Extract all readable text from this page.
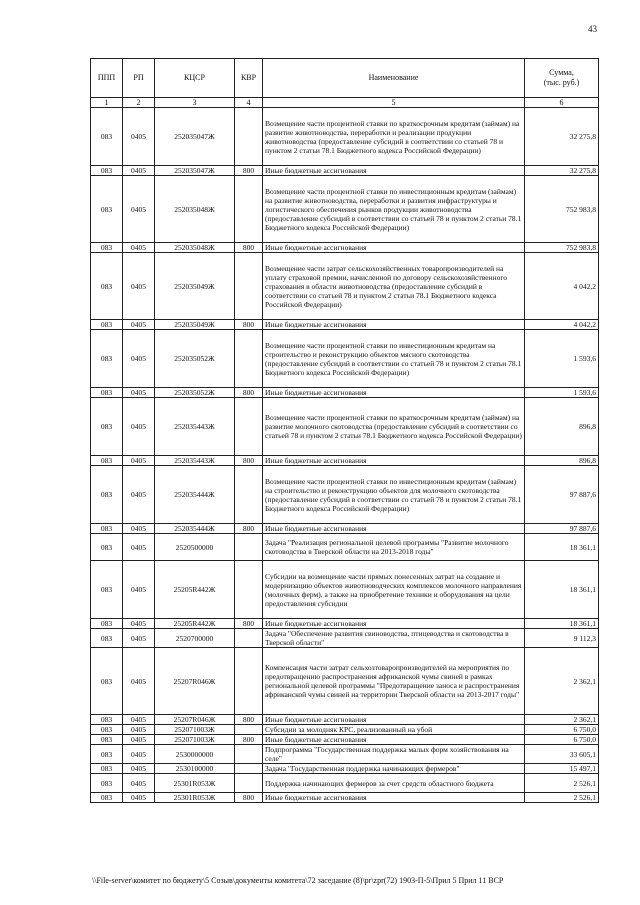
43
ППП	РП	КЦСР	КВР	Наименование	Сумма,
(тыс. руб.)
1	2	3	4	5	6
083	0405	252035047Ж		Возмещение части процентной ставки по краткосрочным кредитам (займам) на развитие животноводства, переработки и реализации продукции животноводства (предоставление субсидий в соответствии со статьей 78 и пунктом 2 статьи 78.1 Бюджетного кодекса Российской Федерации)	32 275,8
083	0405	252035047Ж	800	Иные бюджетные ассигнования	32 275,8
083	0405	252035048Ж		Возмещение части процентной ставки по инвестиционным кредитам (займам) на развитие животноводства, переработки и развития инфраструктуры и логистического обеспечения рынков продукции животноводства (предоставление субсидий в соответствии со статьей 78 и пунктом 2 статьи 78.1 Бюджетного кодекса Российской Федерации)	752 983,8
083	0405	252035048Ж	800	Иные бюджетные ассигнования	752 983,8
083	0405	252035049Ж		Возмещение части затрат сельскохозяйственных товаропроизводителей на уплату страховой премии, начисленной по договору сельскохозяйственного страхования в области животноводства (предоставление субсидий в соответствии со статьей 78 и пунктом 2 статьи 78.1 Бюджетного кодекса Российской Федерации)	4 042,2
083	0405	252035049Ж	800	Иные бюджетные ассигнования	4 042,2
083	0405	252035052Ж		Возмещение части процентной ставки по инвестиционным кредитам на строительство и реконструкцию объектов мясного скотоводства (предоставление субсидий в соответствии со статьей 78 и пунктом 2 статьи 78.1 Бюджетного кодекса Российской Федерации)	1 593,6
083	0405	252035052Ж	800	Иные бюджетные ассигнования	1 593,6
083	0405	252035443Ж		Возмещение части процентной ставки по краткосрочным кредитам (займам) на развитие молочного скотоводства (предоставление субсидий в соответствии со статьей 78 и пунктом 2 статьи 78.1 Бюджетного кодекса Российской Федерации)	896,8
083	0405	252035443Ж	800	Иные бюджетные ассигнования	896,8
083	0405	252035444Ж		Возмещение части процентной ставки по инвестиционным кредитам (займам) на строительство и реконструкцию объектов для молочного скотоводства (предоставление субсидий в соответствии со статьей 78 и пунктом 2 статьи 78.1 Бюджетного кодекса Российской Федерации)	97 887,6
083	0405	252035444Ж	800	Иные бюджетные ассигнования	97 887,6
083	0405	2520500000		Задача "Реализация региональной целевой программы "Развитие молочного скотоводства в Тверской области на 2013-2018 годы"	18 361,1
083	0405	25205R442Ж		Субсидии на возмещение части прямых понесенных затрат на создание и модернизацию объектов животноводческих комплексов молочного направления (молочных ферм), а также на приобретение техники и оборудования на цели предоставления субсидии	18 361,1
083	0405	25205R442Ж	800	Иные бюджетные ассигнования	18 361,1
083	0405	2520700000		Задача "Обеспечение развития свиноводства, птицеводства и скотоводства в Тверской области"	9 112,3
083	0405	25207R046Ж		Компенсация части затрат сельхозтоваропроизводителей на мероприятия по предотвращению распространения африканской чумы свиней в рамках региональной целевой программы "Предотвращение заноса и распространения африканской чумы свиней на территории Тверской области на 2013-2017 годы"	2 362,1
083	0405	25207R046Ж	800	Иные бюджетные ассигнования	2 362,1
083	0405	252071003Ж		Субсидии за молодняк КРС, реализованный на убой	6 750,0
083	0405	252071003Ж	800	Иные бюджетные ассигнования	6 750,0
083	0405	2530000000		Подпрограмма "Государственная поддержка малых форм хозяйствования на селе"	33 605,1
083	0405	2530100000		Задача "Государственная поддержка начинающих фермеров"	15 497,1
083	0405	25301R053Ж		Поддержка начинающих фермеров за счет средств областного бюджета	2 526,1
083	0405	25301R053Ж	800	Иные бюджетные ассигнования	2 526,1
\\File-server\комитет по бюджету\5 Созыв\документы комитета\72 заседание (8)\pr\zpr(72) 1903-П-5\Прил 5 Прил 11 ВСР
